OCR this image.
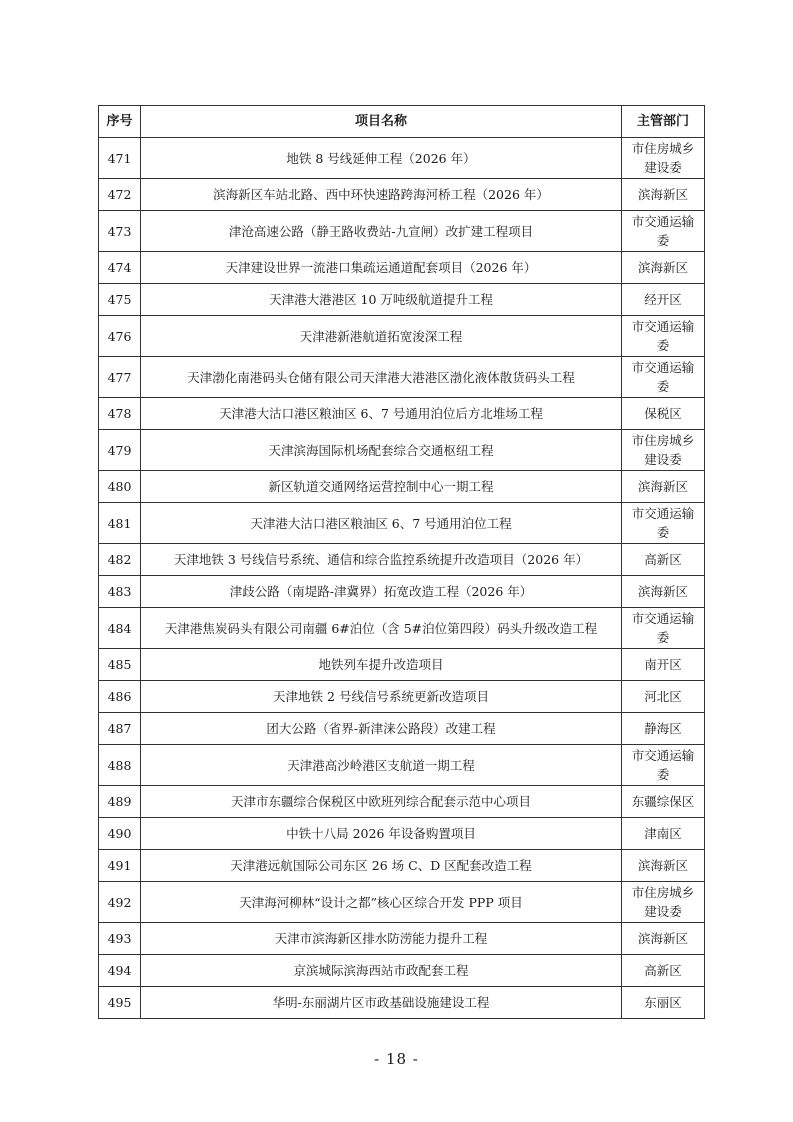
序号	项目名称	主管部门
471	地铁 8 号线延伸工程（2026 年）	市住房城乡建设委
472	滨海新区车站北路、西中环快速路跨海河桥工程（2026 年）	滨海新区
473	津沧高速公路（静王路收费站-九宣闸）改扩建工程项目	市交通运输委
474	天津建设世界一流港口集疏运通道配套项目（2026 年）	滨海新区
475	天津港大港港区 10 万吨级航道提升工程	经开区
476	天津港新港航道拓宽浚深工程	市交通运输委
477	天津渤化南港码头仓储有限公司天津港大港港区渤化液体散货码头工程	市交通运输委
478	天津港大沽口港区粮油区 6、7 号通用泊位后方北堆场工程	保税区
479	天津滨海国际机场配套综合交通枢纽工程	市住房城乡建设委
480	新区轨道交通网络运营控制中心一期工程	滨海新区
481	天津港大沽口港区粮油区 6、7 号通用泊位工程	市交通运输委
482	天津地铁 3 号线信号系统、通信和综合监控系统提升改造项目（2026 年）	高新区
483	津歧公路（南堤路-津冀界）拓宽改造工程（2026 年）	滨海新区
484	天津港焦炭码头有限公司南疆 6#泊位（含 5#泊位第四段）码头升级改造工程	市交通运输委
485	地铁列车提升改造项目	南开区
486	天津地铁 2 号线信号系统更新改造项目	河北区
487	团大公路（省界-新津涞公路段）改建工程	静海区
488	天津港高沙岭港区支航道一期工程	市交通运输委
489	天津市东疆综合保税区中欧班列综合配套示范中心项目	东疆综保区
490	中铁十八局 2026 年设备购置项目	津南区
491	天津港远航国际公司东区 26 场 C、D 区配套改造工程	滨海新区
492	天津海河柳林“设计之都”核心区综合开发 PPP 项目	市住房城乡建设委
493	天津市滨海新区排水防涝能力提升工程	滨海新区
494	京滨城际滨海西站市政配套工程	高新区
495	华明-东丽湖片区市政基础设施建设工程	东丽区
- 18 -
